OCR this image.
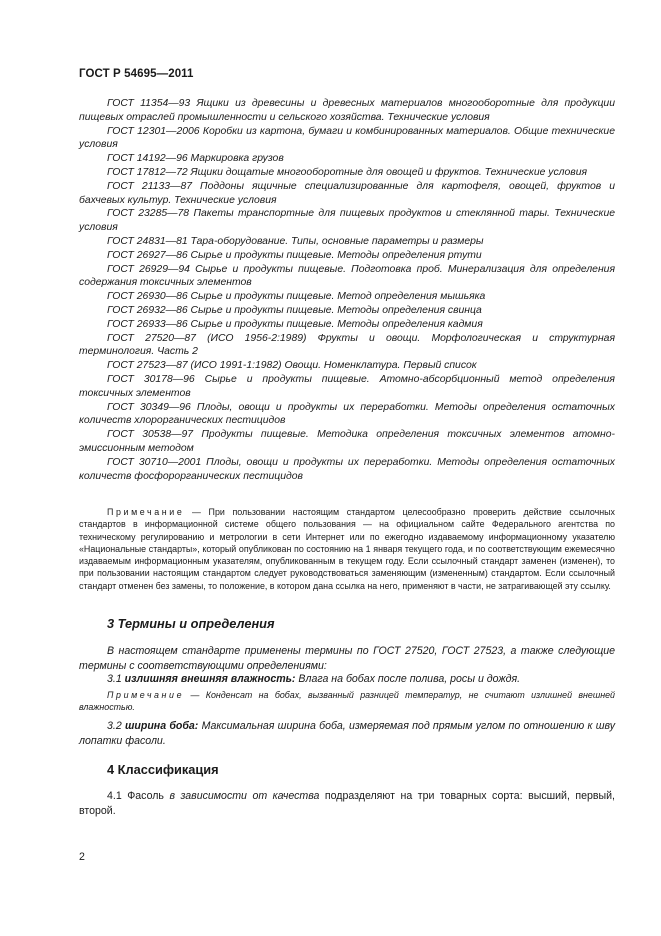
ГОСТ Р 54695—2011

ГОСТ 11354—93 Ящики из древесины и древесных материалов многооборотные для продукции пищевых отраслей промышленности и сельского хозяйства. Технические условия

ГОСТ 12301—2006 Коробки из картона, бумаги и комбинированных материалов. Общие технические условия

ГОСТ 14192—96 Маркировка грузов

ГОСТ 17812—72 Ящики дощатые многооборотные для овощей и фруктов. Технические условия

ГОСТ 21133—87 Поддоны ящичные специализированные для картофеля, овощей, фруктов и бахчевых культур. Технические условия

ГОСТ 23285—78 Пакеты транспортные для пищевых продуктов и стеклянной тары. Технические условия

ГОСТ 24831—81 Тара-оборудование. Типы, основные параметры и размеры

ГОСТ 26927—86 Сырье и продукты пищевые. Методы определения ртути

ГОСТ 26929—94 Сырье и продукты пищевые. Подготовка проб. Минерализация для определения содержания токсичных элементов

ГОСТ 26930—86 Сырье и продукты пищевые. Метод определения мышьяка

ГОСТ 26932—86 Сырье и продукты пищевые. Методы определения свинца

ГОСТ 26933—86 Сырье и продукты пищевые. Методы определения кадмия

ГОСТ 27520—87 (ИСО 1956-2:1989) Фрукты и овощи. Морфологическая и структурная терминология. Часть 2

ГОСТ 27523—87 (ИСО 1991-1:1982) Овощи. Номенклатура. Первый список

ГОСТ 30178—96 Сырье и продукты пищевые. Атомно-абсорбционный метод определения токсичных элементов

ГОСТ 30349—96 Плоды, овощи и продукты их переработки. Методы определения остаточных количеств хлорорганических пестицидов

ГОСТ 30538—97 Продукты пищевые. Методика определения токсичных элементов атомно-эмиссионным методом

ГОСТ 30710—2001 Плоды, овощи и продукты их переработки. Методы определения остаточных количеств фосфорорганических пестицидов

Примечание — При пользовании настоящим стандартом целесообразно проверить действие ссылочных стандартов в информационной системе общего пользования — на официальном сайте Федерального агентства по техническому регулированию и метрологии в сети Интернет или по ежегодно издаваемому информационному указателю «Национальные стандарты», который опубликован по состоянию на 1 января текущего года, и по соответствующим ежемесячно издаваемым информационным указателям, опубликованным в текущем году. Если ссылочный стандарт заменен (изменен), то при пользовании настоящим стандартом следует руководствоваться заменяющим (измененным) стандартом. Если ссылочный стандарт отменен без замены, то положение, в котором дана ссылка на него, применяют в части, не затрагивающей эту ссылку.

3 Термины и определения

В настоящем стандарте применены термины по ГОСТ 27520, ГОСТ 27523, а также следующие термины с соответствующими определениями:

3.1 излишняя внешняя влажность: Влага на бобах после полива, росы и дождя.

Примечание — Конденсат на бобах, вызванный разницей температур, не считают излишней внешней влажностью.

3.2 ширина боба: Максимальная ширина боба, измеряемая под прямым углом по отношению к шву лопатки фасоли.

4 Классификация

4.1 Фасоль в зависимости от качества подразделяют на три товарных сорта: высший, первый, второй.

2
